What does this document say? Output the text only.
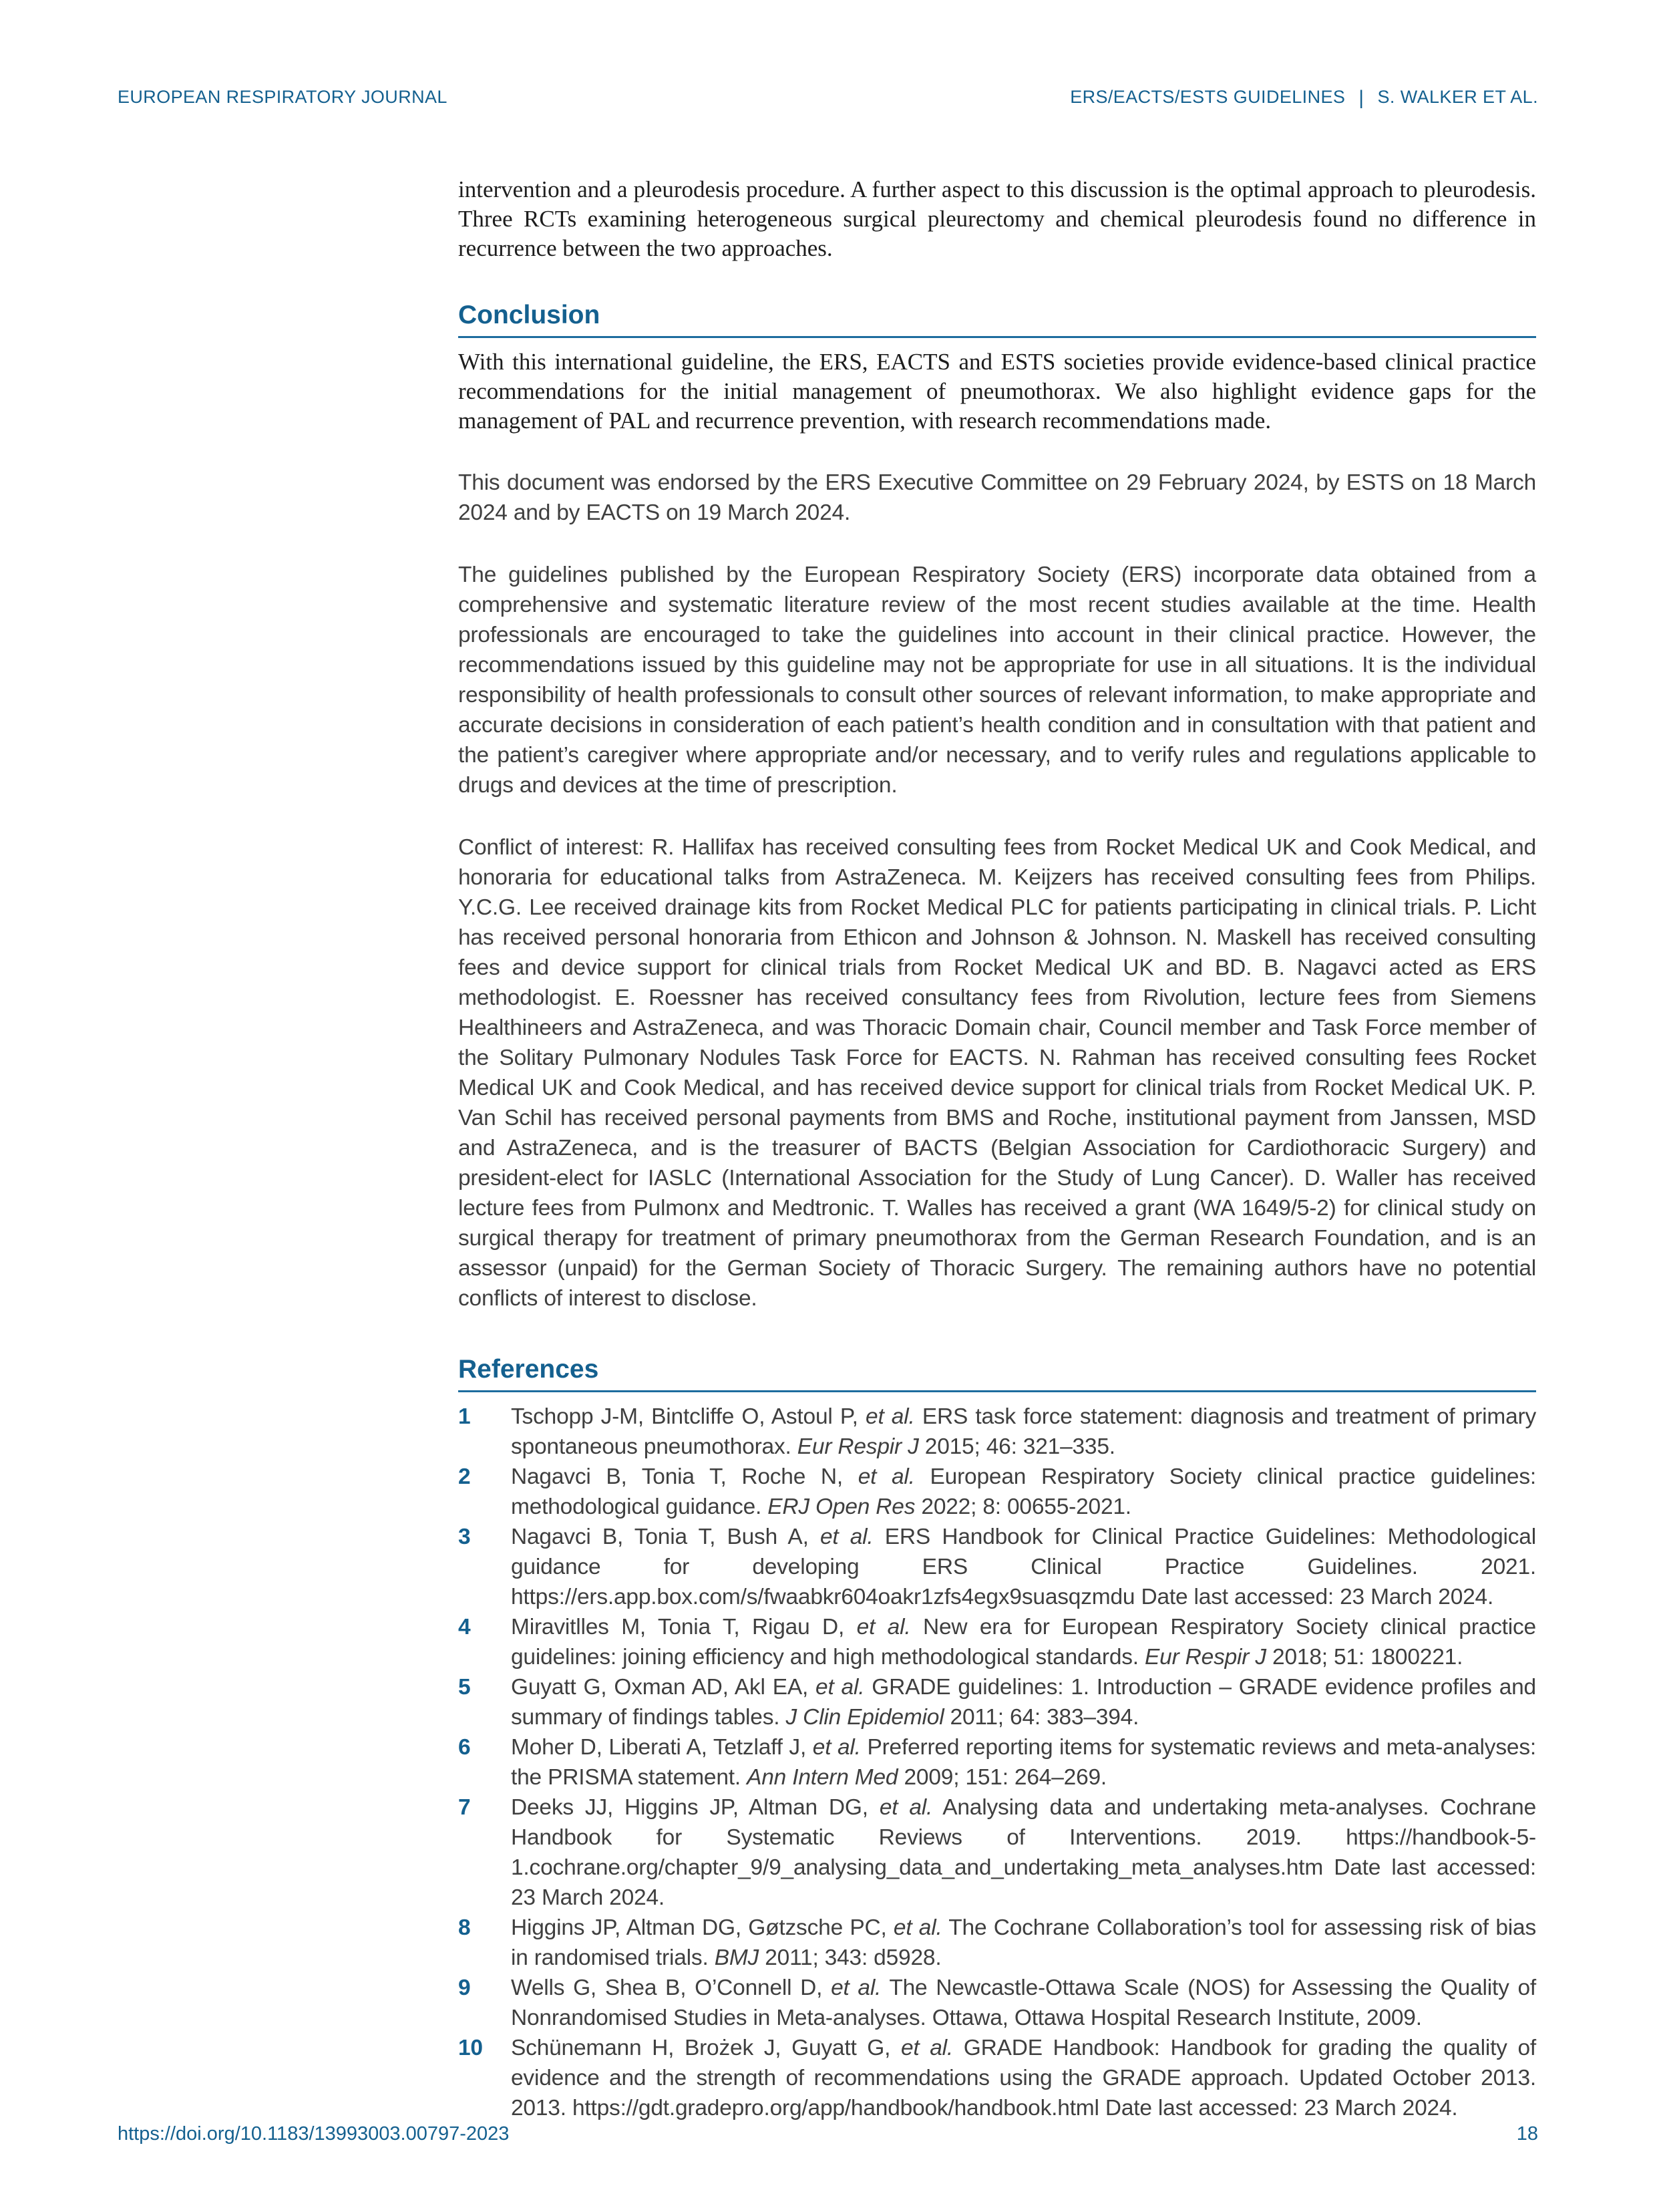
EUROPEAN RESPIRATORY JOURNAL	ERS/EACTS/ESTS GUIDELINES | S. WALKER ET AL.

intervention and a pleurodesis procedure. A further aspect to this discussion is the optimal approach to pleurodesis. Three RCTs examining heterogeneous surgical pleurectomy and chemical pleurodesis found no difference in recurrence between the two approaches.

Conclusion

With this international guideline, the ERS, EACTS and ESTS societies provide evidence-based clinical practice recommendations for the initial management of pneumothorax. We also highlight evidence gaps for the management of PAL and recurrence prevention, with research recommendations made.

This document was endorsed by the ERS Executive Committee on 29 February 2024, by ESTS on 18 March 2024 and by EACTS on 19 March 2024.

The guidelines published by the European Respiratory Society (ERS) incorporate data obtained from a comprehensive and systematic literature review of the most recent studies available at the time. Health professionals are encouraged to take the guidelines into account in their clinical practice. However, the recommendations issued by this guideline may not be appropriate for use in all situations. It is the individual responsibility of health professionals to consult other sources of relevant information, to make appropriate and accurate decisions in consideration of each patient’s health condition and in consultation with that patient and the patient’s caregiver where appropriate and/or necessary, and to verify rules and regulations applicable to drugs and devices at the time of prescription.

Conflict of interest: R. Hallifax has received consulting fees from Rocket Medical UK and Cook Medical, and honoraria for educational talks from AstraZeneca. M. Keijzers has received consulting fees from Philips. Y.C.G. Lee received drainage kits from Rocket Medical PLC for patients participating in clinical trials. P. Licht has received personal honoraria from Ethicon and Johnson & Johnson. N. Maskell has received consulting fees and device support for clinical trials from Rocket Medical UK and BD. B. Nagavci acted as ERS methodologist. E. Roessner has received consultancy fees from Rivolution, lecture fees from Siemens Healthineers and AstraZeneca, and was Thoracic Domain chair, Council member and Task Force member of the Solitary Pulmonary Nodules Task Force for EACTS. N. Rahman has received consulting fees Rocket Medical UK and Cook Medical, and has received device support for clinical trials from Rocket Medical UK. P. Van Schil has received personal payments from BMS and Roche, institutional payment from Janssen, MSD and AstraZeneca, and is the treasurer of BACTS (Belgian Association for Cardiothoracic Surgery) and president-elect for IASLC (International Association for the Study of Lung Cancer). D. Waller has received lecture fees from Pulmonx and Medtronic. T. Walles has received a grant (WA 1649/5-2) for clinical study on surgical therapy for treatment of primary pneumothorax from the German Research Foundation, and is an assessor (unpaid) for the German Society of Thoracic Surgery. The remaining authors have no potential conflicts of interest to disclose.

References
1 Tschopp J-M, Bintcliffe O, Astoul P, et al. ERS task force statement: diagnosis and treatment of primary spontaneous pneumothorax. Eur Respir J 2015; 46: 321–335.
2 Nagavci B, Tonia T, Roche N, et al. European Respiratory Society clinical practice guidelines: methodological guidance. ERJ Open Res 2022; 8: 00655-2021.
3 Nagavci B, Tonia T, Bush A, et al. ERS Handbook for Clinical Practice Guidelines: Methodological guidance for developing ERS Clinical Practice Guidelines. 2021. https://ers.app.box.com/s/fwaabkr604oakr1zfs4egx9suasqzmdu Date last accessed: 23 March 2024.
4 Miravitlles M, Tonia T, Rigau D, et al. New era for European Respiratory Society clinical practice guidelines: joining efficiency and high methodological standards. Eur Respir J 2018; 51: 1800221.
5 Guyatt G, Oxman AD, Akl EA, et al. GRADE guidelines: 1. Introduction – GRADE evidence profiles and summary of findings tables. J Clin Epidemiol 2011; 64: 383–394.
6 Moher D, Liberati A, Tetzlaff J, et al. Preferred reporting items for systematic reviews and meta-analyses: the PRISMA statement. Ann Intern Med 2009; 151: 264–269.
7 Deeks JJ, Higgins JP, Altman DG, et al. Analysing data and undertaking meta-analyses. Cochrane Handbook for Systematic Reviews of Interventions. 2019. https://handbook-5-1.cochrane.org/chapter_9/9_analysing_data_and_undertaking_meta_analyses.htm Date last accessed: 23 March 2024.
8 Higgins JP, Altman DG, Gøtzsche PC, et al. The Cochrane Collaboration’s tool for assessing risk of bias in randomised trials. BMJ 2011; 343: d5928.
9 Wells G, Shea B, O’Connell D, et al. The Newcastle-Ottawa Scale (NOS) for Assessing the Quality of Nonrandomised Studies in Meta-analyses. Ottawa, Ottawa Hospital Research Institute, 2009.
10 Schünemann H, Brożek J, Guyatt G, et al. GRADE Handbook: Handbook for grading the quality of evidence and the strength of recommendations using the GRADE approach. Updated October 2013. 2013. https://gdt.gradepro.org/app/handbook/handbook.html Date last accessed: 23 March 2024.
https://doi.org/10.1183/13993003.00797-2023	18
